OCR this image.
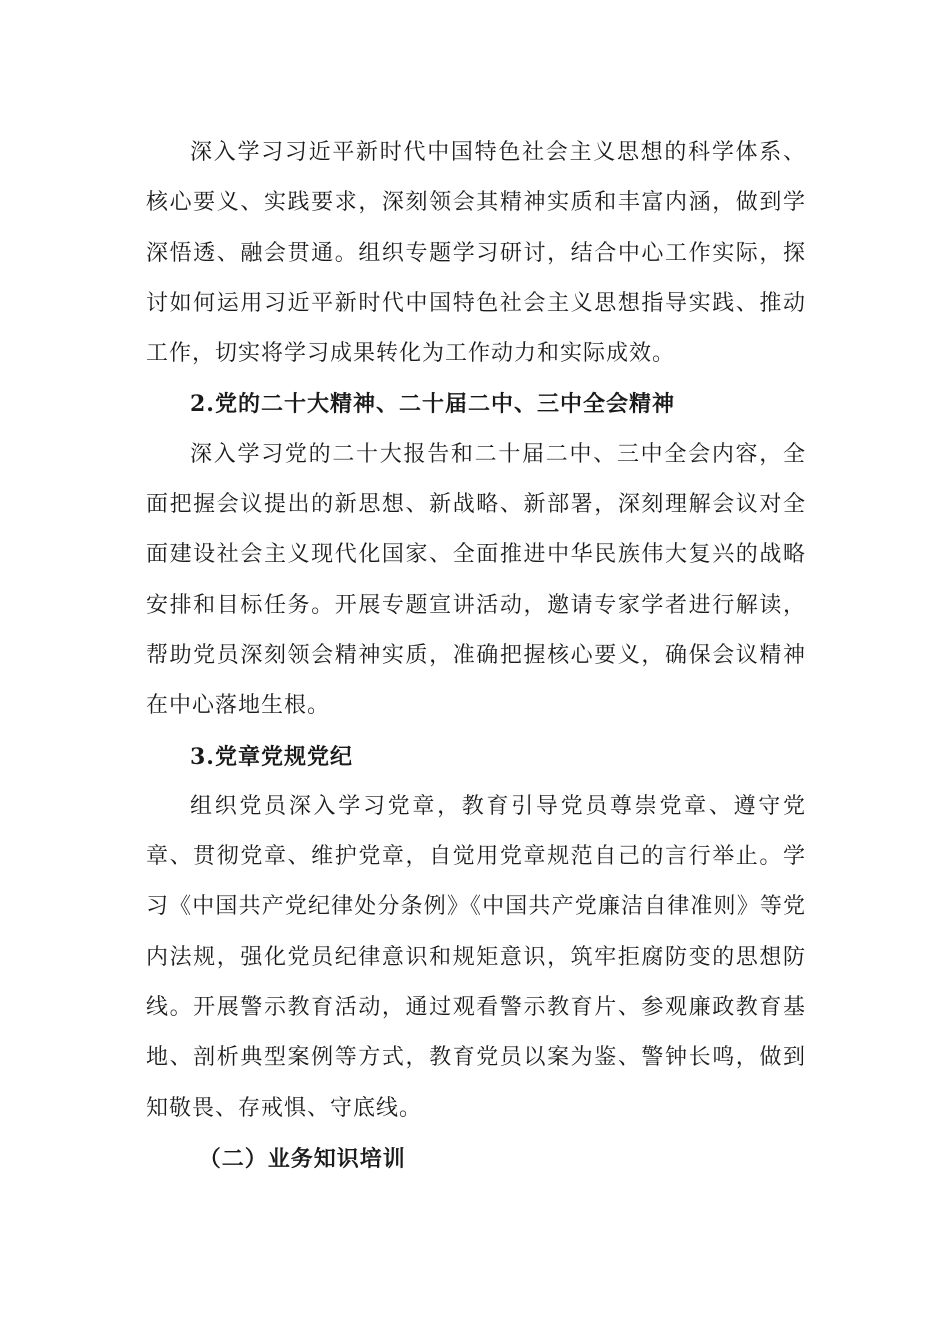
深入学习习近平新时代中国特色社会主义思想的科学体系、核心要义、实践要求，深刻领会其精神实质和丰富内涵，做到学深悟透、融会贯通。组织专题学习研讨，结合中心工作实际，探讨如何运用习近平新时代中国特色社会主义思想指导实践、推动工作，切实将学习成果转化为工作动力和实际成效。

2.党的二十大精神、二十届二中、三中全会精神

深入学习党的二十大报告和二十届二中、三中全会内容，全面把握会议提出的新思想、新战略、新部署，深刻理解会议对全面建设社会主义现代化国家、全面推进中华民族伟大复兴的战略安排和目标任务。开展专题宣讲活动，邀请专家学者进行解读，帮助党员深刻领会精神实质，准确把握核心要义，确保会议精神在中心落地生根。

3.党章党规党纪

组织党员深入学习党章，教育引导党员尊崇党章、遵守党章、贯彻党章、维护党章，自觉用党章规范自己的言行举止。学习《中国共产党纪律处分条例》《中国共产党廉洁自律准则》等党内法规，强化党员纪律意识和规矩意识，筑牢拒腐防变的思想防线。开展警示教育活动，通过观看警示教育片、参观廉政教育基地、剖析典型案例等方式，教育党员以案为鉴、警钟长鸣，做到知敬畏、存戒惧、守底线。

（二）业务知识培训
